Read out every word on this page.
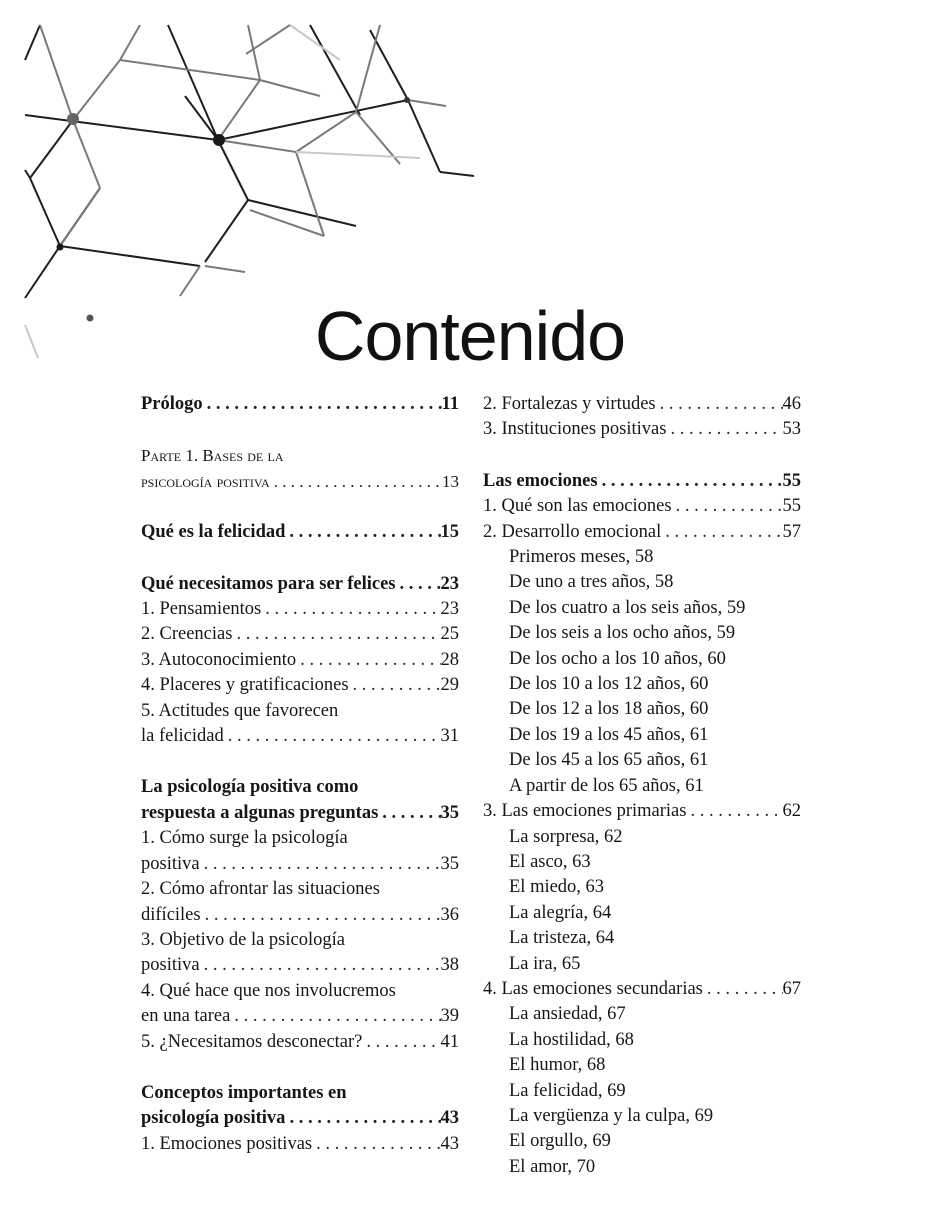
Contenido
Prólogo . . .	11
Parte 1. Bases de la
psicología positiva . . .	13
Qué es la felicidad . . .	15
Qué necesitamos para ser felices . . . 23
1. Pensamientos . . .	23
2. Creencias . . .	25
3. Autoconocimiento . . .	28
4. Placeres y gratificaciones . . .	29
5. Actitudes que favorecen
la felicidad . . .	31
La psicología positiva como
respuesta a algunas preguntas . . .	35
1. Cómo surge la psicología
positiva . . .	35
2. Cómo afrontar las situaciones
difíciles . . .	36
3. Objetivo de la psicología
positiva . . .	38
4. Qué hace que nos involucremos
en una tarea . . .	39
5. ¿Necesitamos desconectar? . . .	41
Conceptos importantes en
psicología positiva . . .	43
1. Emociones positivas . . .	43
2. Fortalezas y virtudes . . .	46
3. Instituciones positivas . . .	53
Las emociones . . .	55
1. Qué son las emociones . . .	55
2. Desarrollo emocional . . .	57
Primeros meses, 58
De uno a tres años, 58
De los cuatro a los seis años, 59
De los seis a los ocho años, 59
De los ocho a los 10 años, 60
De los 10 a los 12 años, 60
De los 12 a los 18 años, 60
De los 19 a los 45 años, 61
De los 45 a los 65 años, 61
A partir de los 65 años, 61
3. Las emociones primarias . . .	62
La sorpresa, 62
El asco, 63
El miedo, 63
La alegría, 64
La tristeza, 64
La ira, 65
4. Las emociones secundarias . . .	67
La ansiedad, 67
La hostilidad, 68
El humor, 68
La felicidad, 69
La vergüenza y la culpa, 69
El orgullo, 69
El amor, 70
